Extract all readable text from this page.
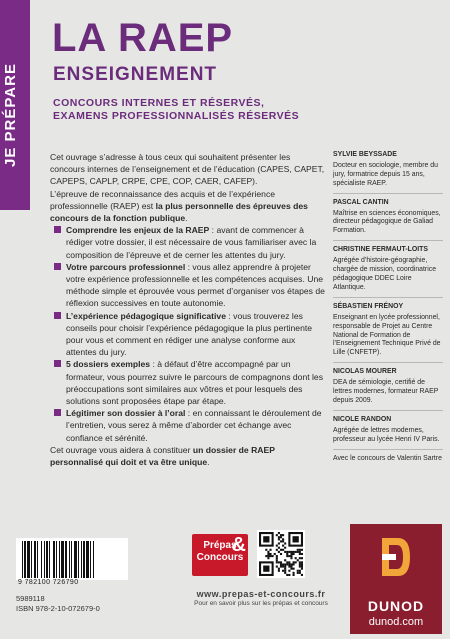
JE PRÉPARE
LA RAEP
ENSEIGNEMENT
CONCOURS INTERNES ET RÉSERVÉS,
EXAMENS PROFESSIONNALISÉS RÉSERVÉS

Cet ouvrage s’adresse à tous ceux qui souhaitent présenter les concours internes de l’enseignement et de l’éducation (CAPES, CAPET, CAPEPS, CAPLP, CRPE, CPE, COP, CAER, CAFEP).

L’épreuve de reconnaissance des acquis et de l’expérience professionnelle (RAEP) est la plus personnelle des épreuves des concours de la fonction publique.

Comprendre les enjeux de la RAEP : avant de commencer à rédiger votre dossier, il est nécessaire de vous familiariser avec la composition de l’épreuve et de cerner les attentes du jury.
Votre parcours professionnel : vous allez apprendre à projeter votre expérience professionnelle et les compétences acquises. Une méthode simple et éprouvée vous permet d’organiser vos étapes de réflexion successives en toute autonomie.
L’expérience pédagogique significative : vous trouverez les conseils pour choisir l’expérience pédagogique la plus pertinente pour vous et comment en rédiger une analyse conforme aux attentes du jury.
5 dossiers exemples : à défaut d’être accompagné par un formateur, vous pourrez suivre le parcours de compagnons dont les préoccupations sont similaires aux vôtres et pour lesquels des solutions sont proposées étape par étape.
Légitimer son dossier à l’oral : en connaissant le déroulement de l’entretien, vous serez à même d’aborder cet échange avec confiance et sérénité.

Cet ouvrage vous aidera à constituer un dossier de RAEP personnalisé qui doit et va être unique.

SYLVIE BEYSSADE
Docteur en sociologie, membre du jury, formatrice depuis 15 ans, spécialiste RAEP.
PASCAL CANTIN
Maîtrise en sciences économiques, directeur pédagogique de Galiad Formation.
CHRISTINE FERMAUT-LOITS
Agrégée d’histoire-géographie, chargée de mission, coordinatrice pédagogique DDEC Loire Atlantique.
SÉBASTIEN FRÉNOY
Enseignant en lycée professionnel, responsable de Projet au Centre National de Formation de l’Enseignement Technique Privé de Lille (CNFETP).
NICOLAS MOURER
DEA de sémiologie, certifié de lettres modernes, formateur RAEP depuis 2009.
NICOLE RANDON
Agrégée de lettres modernes, professeur au lycée Henri IV Paris.
Avec le concours de Valentin Sartre
9 782100 726790
5989118
ISBN 978-2-10-072679-0
Prépas
&
Concours
www.prepas-et-concours.fr
Pour en savoir plus sur les prépas et concours	DUNOD
dunod.com
